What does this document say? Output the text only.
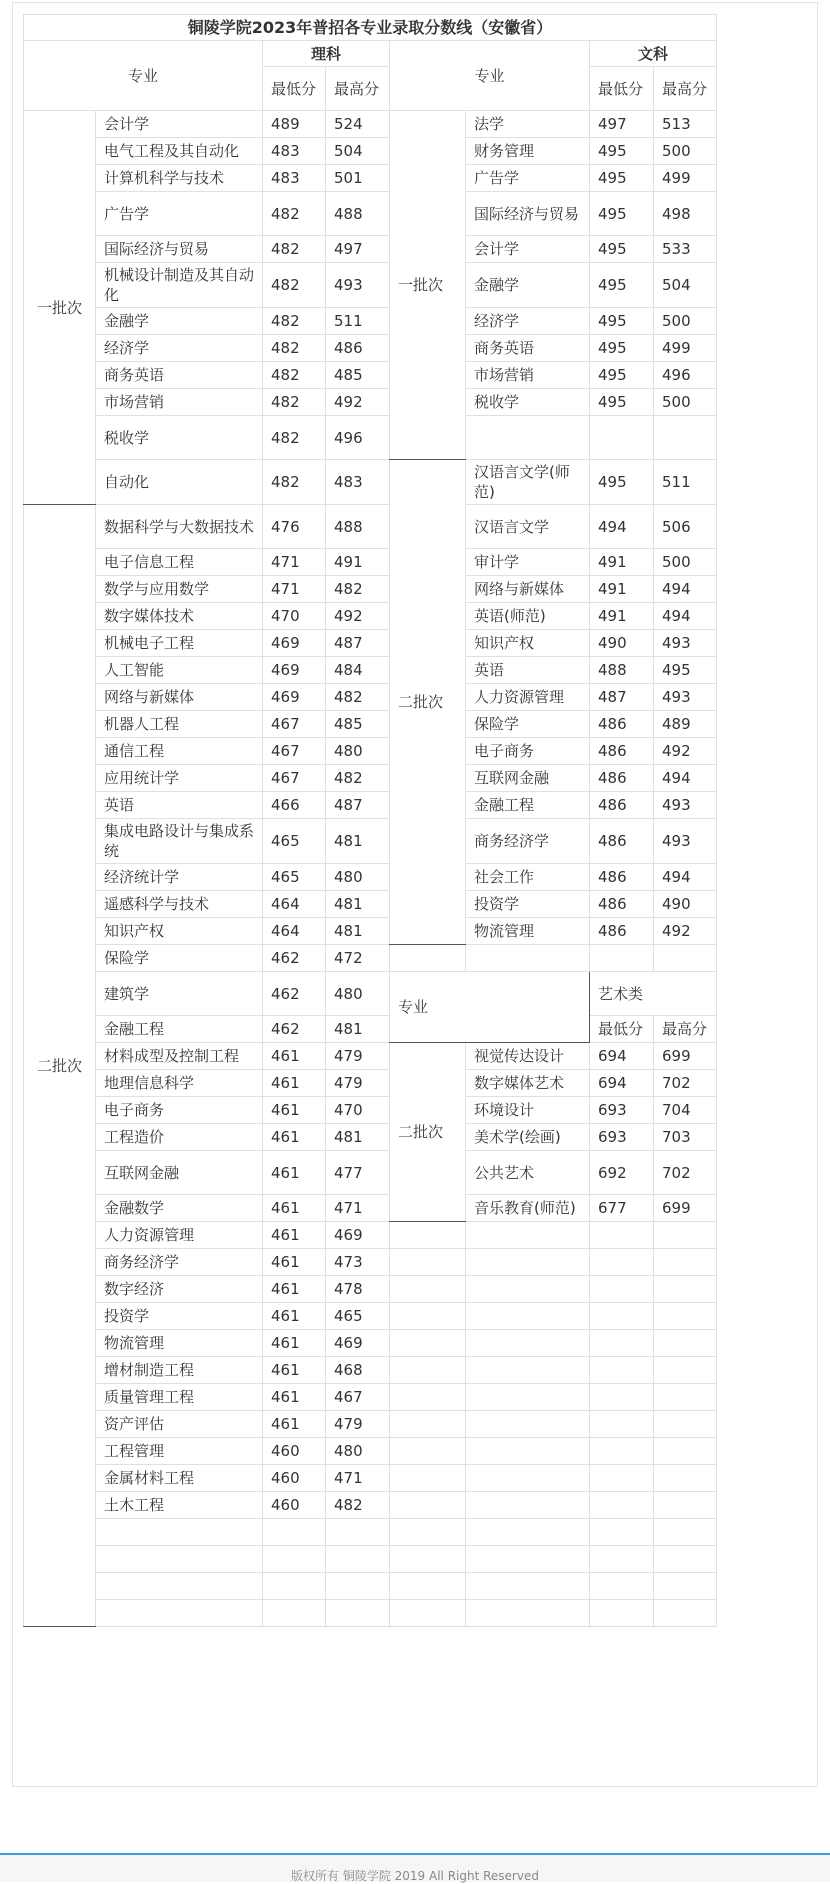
铜陵学院2023年普招各专业录取分数线（安徽省）							
专业		理科		专业		文科	
		最低分	最高分			最低分	最高分
一批次	会计学	489	524	一批次	法学	497	513
	电气工程及其自动化	483	504		财务管理	495	500
	计算机科学与技术	483	501		广告学	495	499
	广告学	482	488		国际经济与贸易	495	498
	国际经济与贸易	482	497		会计学	495	533
	机械设计制造及其自动化	482	493		金融学	495	504
	金融学	482	511		经济学	495	500
	经济学	482	486		商务英语	495	499
	商务英语	482	485		市场营销	495	496
	市场营销	482	492		税收学	495	500
	税收学	482	496				
	自动化	482	483	二批次	汉语言文学(师范)	495	511
二批次	数据科学与大数据技术	476	488		汉语言文学	494	506
	电子信息工程	471	491		审计学	491	500
	数学与应用数学	471	482		网络与新媒体	491	494
	数字媒体技术	470	492		英语(师范)	491	494
	机械电子工程	469	487		知识产权	490	493
	人工智能	469	484		英语	488	495
	网络与新媒体	469	482		人力资源管理	487	493
	机器人工程	467	485		保险学	486	489
	通信工程	467	480		电子商务	486	492
	应用统计学	467	482		互联网金融	486	494
	英语	466	487		金融工程	486	493
	集成电路设计与集成系统	465	481		商务经济学	486	493
	经济统计学	465	480		社会工作	486	494
	遥感科学与技术	464	481		投资学	486	490
	知识产权	464	481		物流管理	486	492
	保险学	462	472				
	建筑学	462	480	专业		艺术类	
	金融工程	462	481			最低分	最高分
	材料成型及控制工程	461	479	二批次	视觉传达设计	694	699
	地理信息科学	461	479		数字媒体艺术	694	702
	电子商务	461	470		环境设计	693	704
	工程造价	461	481		美术学(绘画)	693	703
	互联网金融	461	477		公共艺术	692	702
	金融数学	461	471		音乐教育(师范)	677	699
	人力资源管理	461	469				
	商务经济学	461	473				
	数字经济	461	478				
	投资学	461	465				
	物流管理	461	469				
	增材制造工程	461	468				
	质量管理工程	461	467				
	资产评估	461	479				
	工程管理	460	480				
	金属材料工程	460	471				
	土木工程	460	482				

版权所有 铜陵学院 2019 All Right Reserved
